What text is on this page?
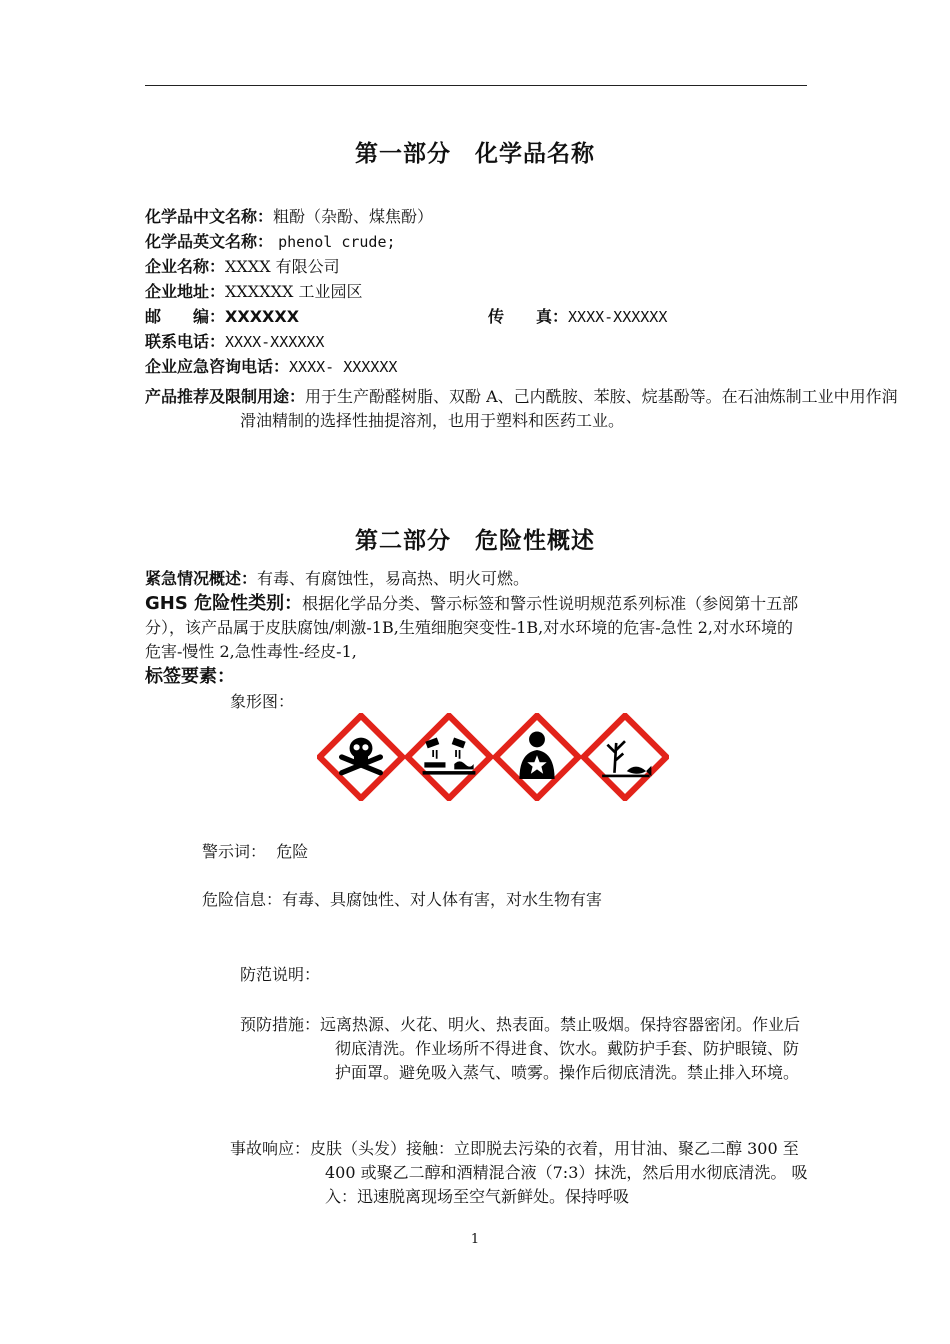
第一部分　化学品名称
化学品中文名称：粗酚（杂酚、煤焦酚）
化学品英文名称： phenol crude;
企业名称：XXXX 有限公司
企业地址：XXXXXX 工业园区
邮　　编：XXXXXX	传　　真：XXXX-XXXXXX
联系电话：XXXX-XXXXXX
企业应急咨询电话：XXXX- XXXXXX
产品推荐及限制用途：用于生产酚醛树脂、双酚 A、己内酰胺、苯胺、烷基酚等。在石油炼制工业中用作润滑油精制的选择性抽提溶剂，也用于塑料和医药工业。
第二部分　危险性概述
紧急情况概述：有毒、有腐蚀性，易高热、明火可燃。
GHS 危险性类别：根据化学品分类、警示标签和警示性说明规范系列标准（参阅第十五部分），该产品属于皮肤腐蚀/刺激-1B,生殖细胞突变性-1B,对水环境的危害-急性 2,对水环境的危害-慢性 2,急性毒性-经皮-1,
标签要素：
象形图：
警示词： 危险
危险信息：有毒、具腐蚀性、对人体有害，对水生物有害
防范说明：
预防措施：远离热源、火花、明火、热表面。禁止吸烟。保持容器密闭。作业后彻底清洗。作业场所不得进食、饮水。戴防护手套、防护眼镜、防护面罩。避免吸入蒸气、喷雾。操作后彻底清洗。禁止排入环境。
事故响应：皮肤（头发）接触：立即脱去污染的衣着，用甘油、聚乙二醇 300 至 400 或聚乙二醇和酒精混合液（7:3）抹洗，然后用水彻底清洗。 吸入：迅速脱离现场至空气新鲜处。保持呼吸
1
